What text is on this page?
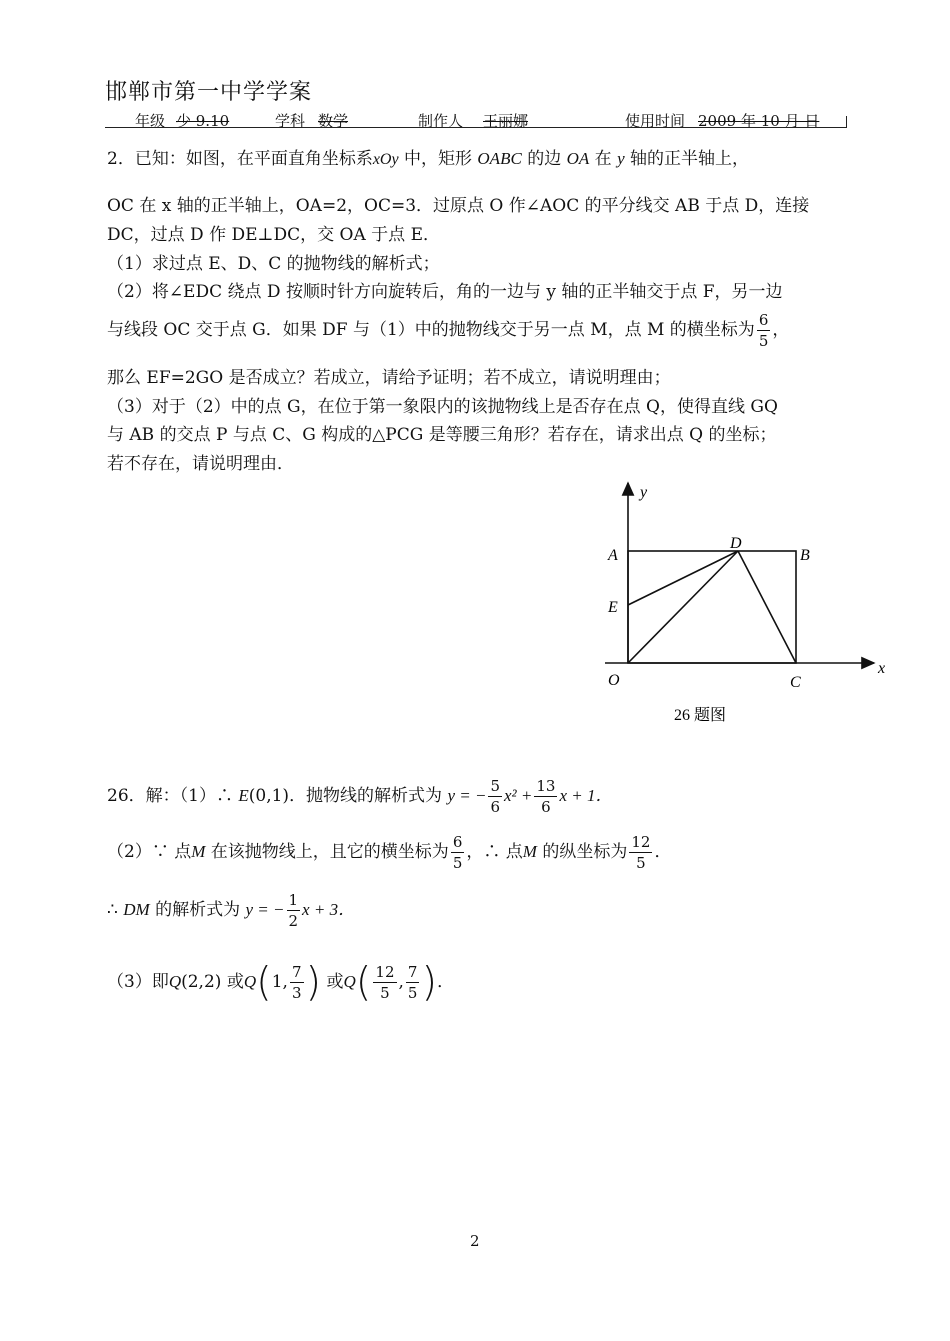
邯郸市第一中学学案
年级 少 9.10	学科 数学	制作人 王丽娜	使用时间 2009 年 10 月 日
2．已知：如图，在平面直角坐标系xOy 中，矩形 OABC 的边 OA 在 y 轴的正半轴上，
OC 在 x 轴的正半轴上，OA=2，OC=3．过原点 O 作∠AOC 的平分线交 AB 于点 D，连接
DC，过点 D 作 DE⊥DC，交 OA 于点 E．
（1）求过点 E、D、C 的抛物线的解析式；
（2）将∠EDC 绕点 D 按顺时针方向旋转后，角的一边与 y 轴的正半轴交于点 F，另一边
与线段 OC 交于点 G．如果 DF 与（1）中的抛物线交于另一点 M，点 M 的横坐标为 $\frac{6}{5}$ ，
那么 EF=2GO 是否成立？若成立，请给予证明；若不成立，请说明理由；
（3）对于（2）中的点 G，在位于第一象限内的该抛物线上是否存在点 Q，使得直线 GQ
与 AB 的交点 P 与点 C、G 构成的△PCG 是等腰三角形？若存在，请求出点 Q 的坐标；
若不存在，请说明理由．
y
x
A	B
D
E
O	C
26 题图
26．解：（1）∴ E(0,1)．抛物线的解析式为 y = − $\frac{5}{6} x^2 + \frac{13}{6}$ x + 1．
（2）∵ 点M 在该抛物线上，且它的横坐标为 $\frac{6}{5}$ ，∴ 点M 的纵坐标为 $\frac{12}{5}$ ．
∴ DM 的解析式为 y = − $\frac{1}{2}$ x + 3．
（3）即Q(2,2) 或Q(1, $\frac{7}{3}$ ) 或$Q( \frac{12}{5}$ , $\frac{7}{5}$ )．
2
